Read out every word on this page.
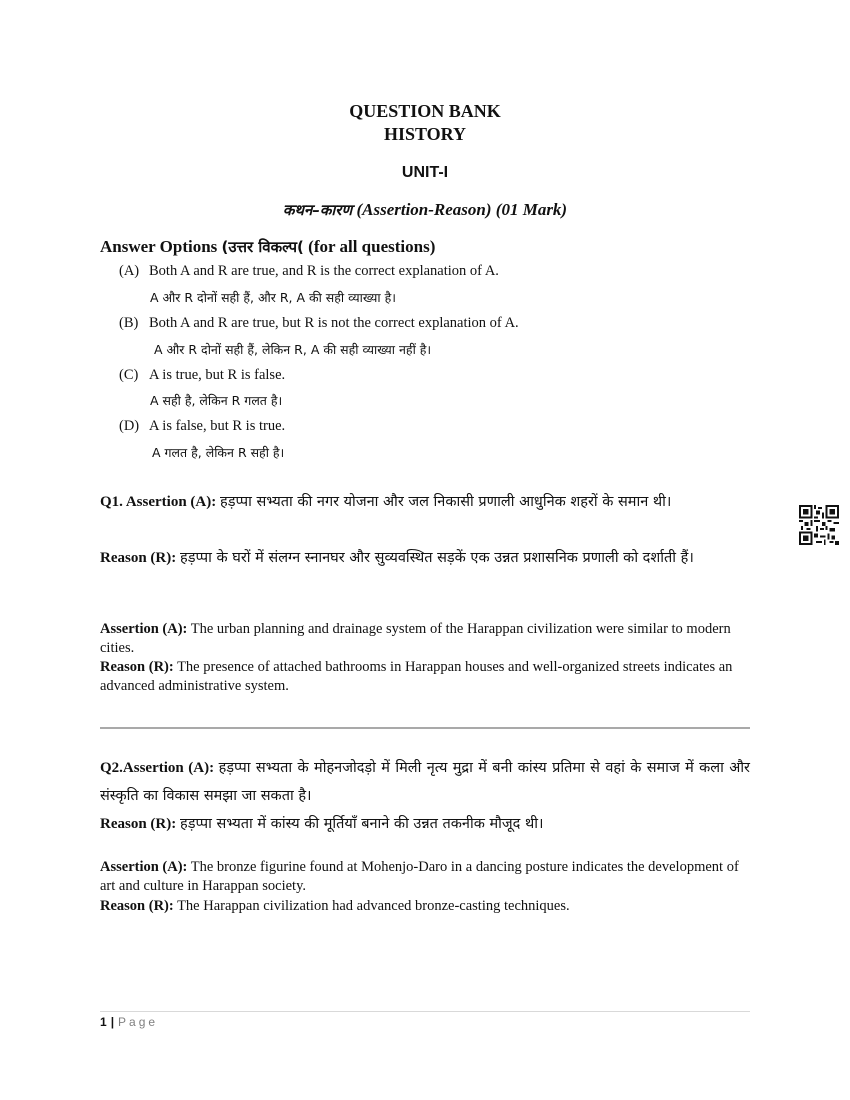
QUESTION BANK
HISTORY
UNIT-I
कथन–कारण (Assertion-Reason) (01 Mark)
Answer Options (उत्तर विकल्प( (for all questions)
(A) Both A and R are true, and R is the correct explanation of A.
A और R दोनों सही हैं, और R, A की सही व्याख्या है।
(B) Both A and R are true, but R is not the correct explanation of A.
A और R दोनों सही हैं, लेकिन R, A की सही व्याख्या नहीं है।
(C) A is true, but R is false.
A सही है, लेकिन R गलत है।
(D) A is false, but R is true.
A गलत है, लेकिन R सही है।
Q1. Assertion (A): हड़प्पा सभ्यता की नगर योजना और जल निकासी प्रणाली आधुनिक शहरों के समान थी।
Reason (R): हड़प्पा के घरों में संलग्न स्नानघर और सुव्यवस्थित सड़कें एक उन्नत प्रशासनिक प्रणाली को दर्शाती हैं।
Assertion (A): The urban planning and drainage system of the Harappan civilization were similar to modern cities.
Reason (R): The presence of attached bathrooms in Harappan houses and well-organized streets indicates an advanced administrative system.
Q2.Assertion (A): हड़प्पा सभ्यता के मोहनजोदड़ो में मिली नृत्य मुद्रा में बनी कांस्य प्रतिमा से वहां के समाज में कला और संस्कृति का विकास समझा जा सकता है।
Reason (R): हड़प्पा सभ्यता में कांस्य की मूर्तियाँ बनाने की उन्नत तकनीक मौजूद थी।
Assertion (A): The bronze figurine found at Mohenjo-Daro in a dancing posture indicates the development of art and culture in Harappan society.
Reason (R): The Harappan civilization had advanced bronze-casting techniques.
1 | Page
